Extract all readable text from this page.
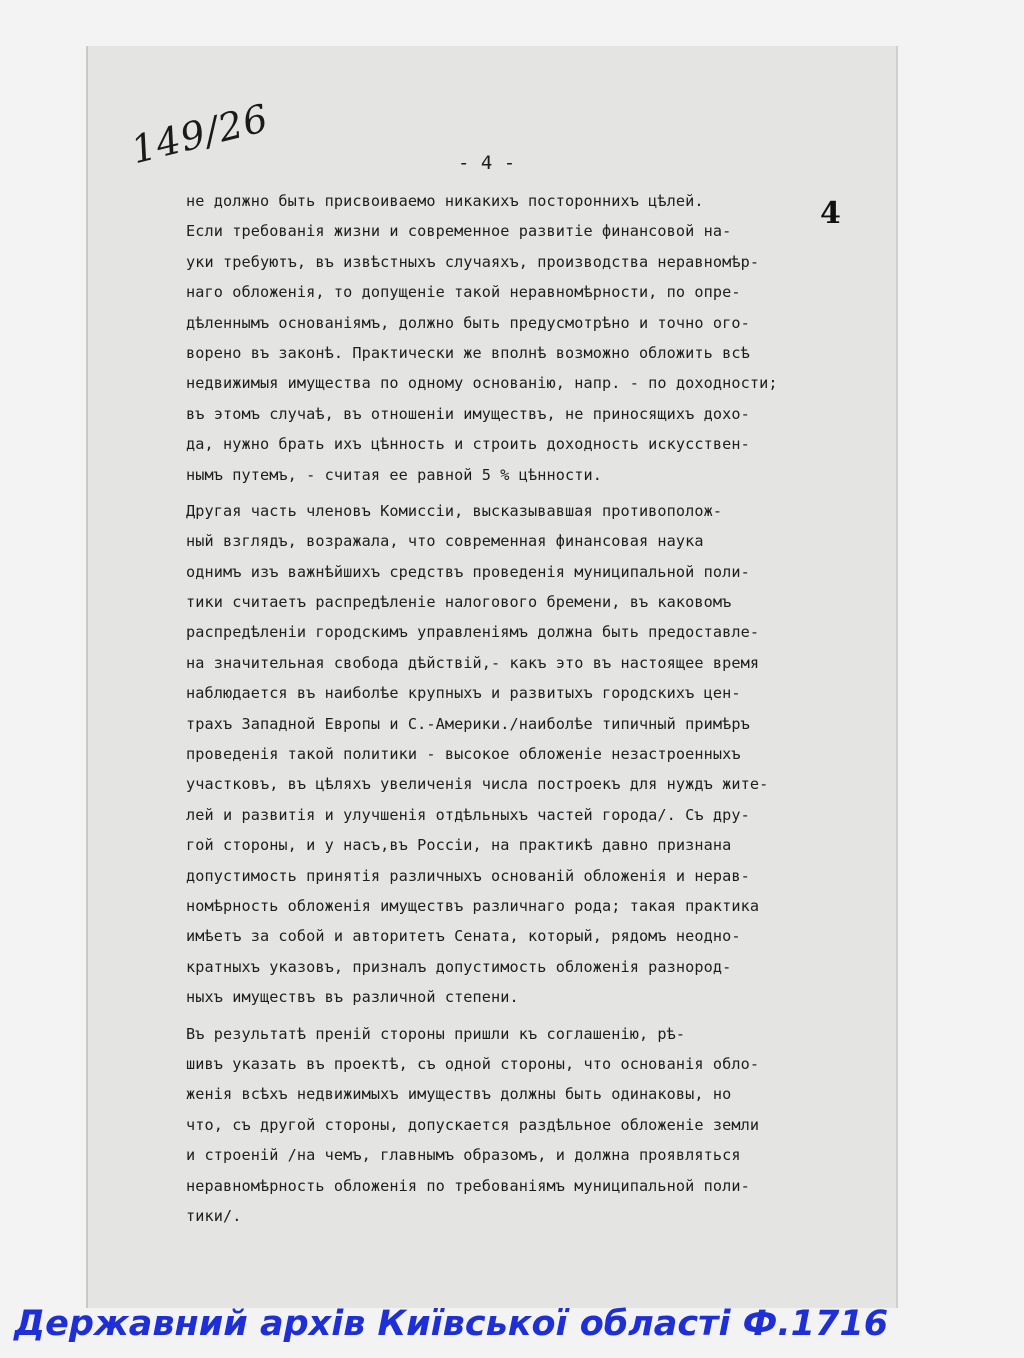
149/26	- 4 -
4
не должно быть присвоиваемо никакихъ постороннихъ цѣлей.
Если требованія жизни и современное развитіе финансовой на-
уки требуютъ, въ извѣстныхъ случаяхъ, производства неравномѣр-
наго обложенія, то допущеніе такой неравномѣрности, по опре-
дѣленнымъ основаніямъ, должно быть предусмотрѣно и точно ого-
ворено въ законѣ. Практически же вполнѣ возможно обложить всѣ
недвижимыя имущества по одному основанію, напр. - по доходности;
въ этомъ случаѣ, въ отношеніи имуществъ, не приносящихъ дохо-
да, нужно брать ихъ цѣнность и строить доходность искусствен-
нымъ путемъ, - считая ее равной 5 % цѣнности.
Другая часть членовъ Комиссіи, высказывавшая противополож-
ный взглядъ, возражала, что современная финансовая наука
однимъ изъ важнѣйшихъ средствъ проведенія муниципальной поли-
тики считаетъ распредѣленіе налогового бремени, въ каковомъ
распредѣленіи городскимъ управленіямъ должна быть предоставле-
на значительная свобода дѣйствій,- какъ это въ настоящее время
наблюдается въ наиболѣе крупныхъ и развитыхъ городскихъ цен-
трахъ Западной Европы и С.-Америки./наиболѣе типичный примѣръ
проведенія такой политики - высокое обложеніе незастроенныхъ
участковъ, въ цѣляхъ увеличенія числа построекъ для нуждъ жите-
лей и развитія и улучшенія отдѣльныхъ частей города/. Съ дру-
гой стороны, и у насъ,въ Россіи, на практикѣ давно признана
допустимость принятія различныхъ основаній обложенія и нерав-
номѣрность обложенія имуществъ различнаго рода; такая практика
имѣетъ за собой и авторитетъ Сената, который, рядомъ неодно-
кратныхъ указовъ, призналъ допустимость обложенія разнород-
ныхъ имуществъ въ различной степени.
Въ результатѣ преній стороны пришли къ соглашенію, рѣ-
шивъ указать въ проектѣ, съ одной стороны, что основанія обло-
женія всѣхъ недвижимыхъ имуществъ должны быть одинаковы, но
что, съ другой стороны, допускается раздѣльное обложеніе земли
и строеній /на чемъ, главнымъ образомъ, и должна проявляться
неравномѣрность обложенія по требованіямъ муниципальной поли-
тики/.
Державний архів Київської області Ф.1716
